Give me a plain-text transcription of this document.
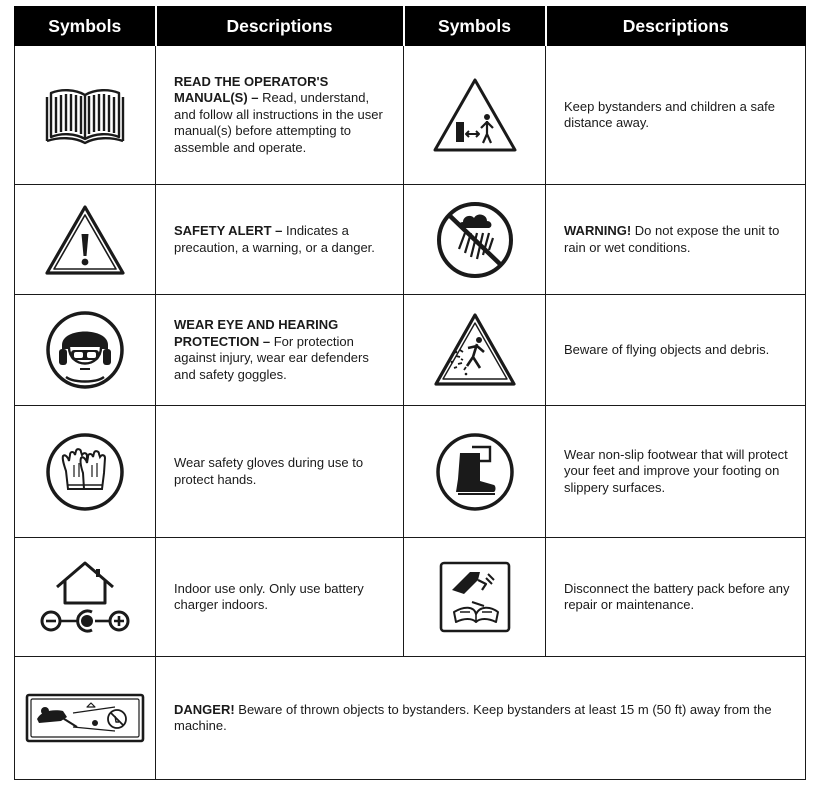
Symbols	Descriptions	Symbols	Descriptions

	READ THE OPERATOR'S MANUAL(S) – Read, understand, and follow all instructions in the user manual(s) before attempting to assemble and operate.		Keep bystanders and children a safe distance away.

	SAFETY ALERT – Indicates a precaution, a warning, or a danger.		WARNING! Do not expose the unit to rain or wet conditions.

	WEAR EYE AND HEARING PROTECTION – For protection against injury, wear ear defenders and safety goggles.		Beware of flying objects and debris.

	Wear safety gloves during use to protect hands.		Wear non-slip footwear that will protect your feet and improve your footing on slippery surfaces.

	Indoor use only. Only use battery charger indoors.		Disconnect the battery pack before any repair or maintenance.

	DANGER! Beware of thrown objects to bystanders. Keep bystanders at least 15 m (50 ft) away from the machine.		
